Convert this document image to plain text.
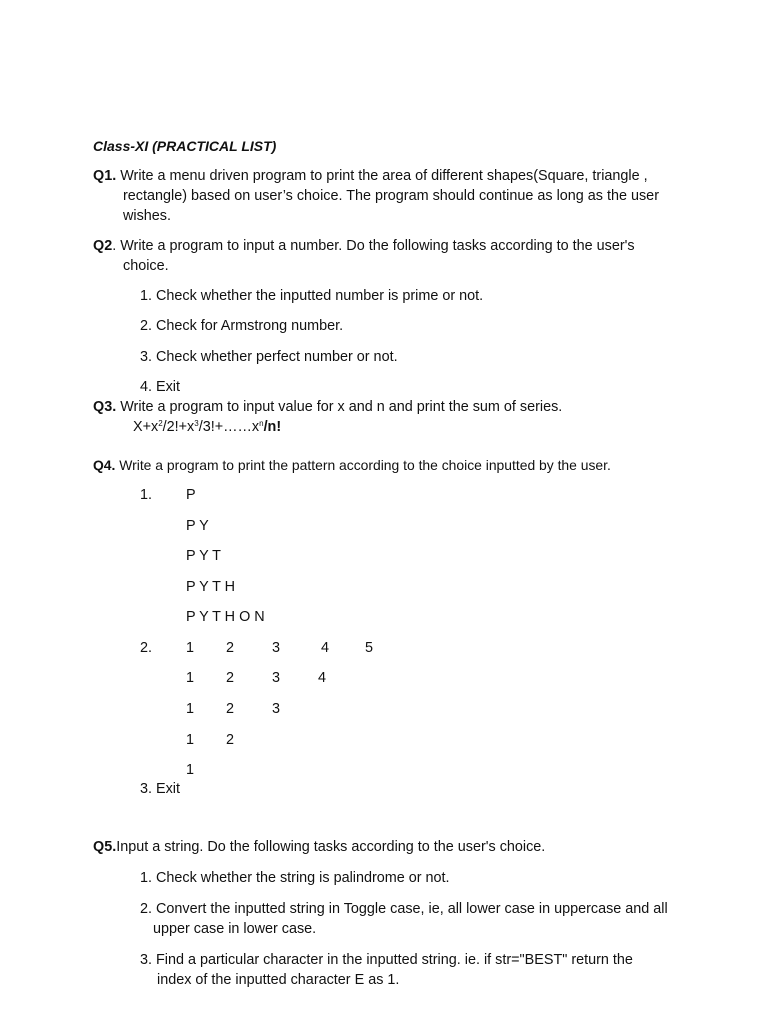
Class-XI (PRACTICAL LIST)
Q1. Write a menu driven program to print the area of different shapes(Square, triangle ,
rectangle) based on user’s choice. The program should continue as long as the user
wishes.
Q2. Write a program to input a number. Do the following tasks according to the user's
choice.
1. Check whether the inputted number is prime or not.
2. Check for Armstrong number.
3. Check whether perfect number or not.
4. Exit
Q3. Write a program to input value for x and n and print the sum of series.
$X+x^2/2!+x^3/3!+\dots\dots x^n/n$!
Q4. Write a program to print the pattern according to the choice inputted by the user.
1. P
P Y
P Y T
P Y T H
P Y T H O N
2. 1 2	3	4 5
1 2	3	4
1 2	3
1 2
1
3. Exit
Q5.Input a string. Do the following tasks according to the user's choice.
1. Check whether the string is palindrome or not.
2. Convert the inputted string in Toggle case, ie, all lower case in uppercase and all
upper case in lower case.
3. Find a particular character in the inputted string. ie. if str="BEST" return the
index of the inputted character E as 1.
